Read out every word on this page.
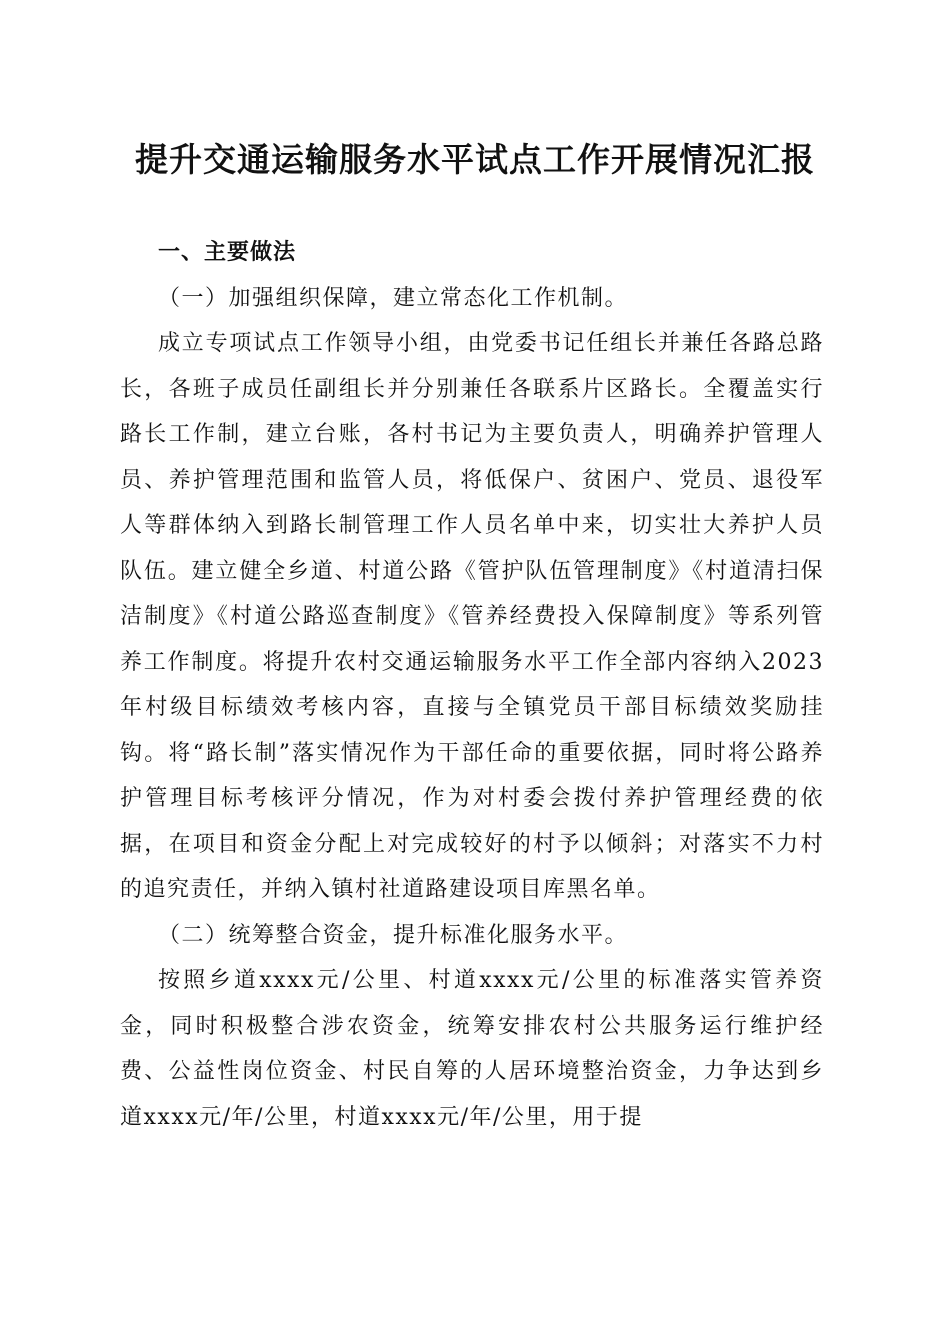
提升交通运输服务水平试点工作开展情况汇报

一、主要做法

（一）加强组织保障，建立常态化工作机制。

成立专项试点工作领导小组，由党委书记任组长并兼任各路总路长，各班子成员任副组长并分别兼任各联系片区路长。全覆盖实行路长工作制，建立台账，各村书记为主要负责人，明确养护管理人员、养护管理范围和监管人员，将低保户、贫困户、党员、退役军人等群体纳入到路长制管理工作人员名单中来，切实壮大养护人员队伍。建立健全乡道、村道公路《管护队伍管理制度》《村道清扫保洁制度》《村道公路巡查制度》《管养经费投入保障制度》等系列管养工作制度。将提升农村交通运输服务水平工作全部内容纳入2023年村级目标绩效考核内容，直接与全镇党员干部目标绩效奖励挂钩。将“路长制”落实情况作为干部任命的重要依据，同时将公路养护管理目标考核评分情况，作为对村委会拨付养护管理经费的依据，在项目和资金分配上对完成较好的村予以倾斜；对落实不力村的追究责任，并纳入镇村社道路建设项目库黑名单。

（二）统筹整合资金，提升标准化服务水平。

按照乡道xxxx元/公里、村道xxxx元/公里的标准落实管养资金，同时积极整合涉农资金，统筹安排农村公共服务运行维护经费、公益性岗位资金、村民自筹的人居环境整治资金，力争达到乡道xxxx元/年/公里，村道xxxx元/年/公里，用于提
